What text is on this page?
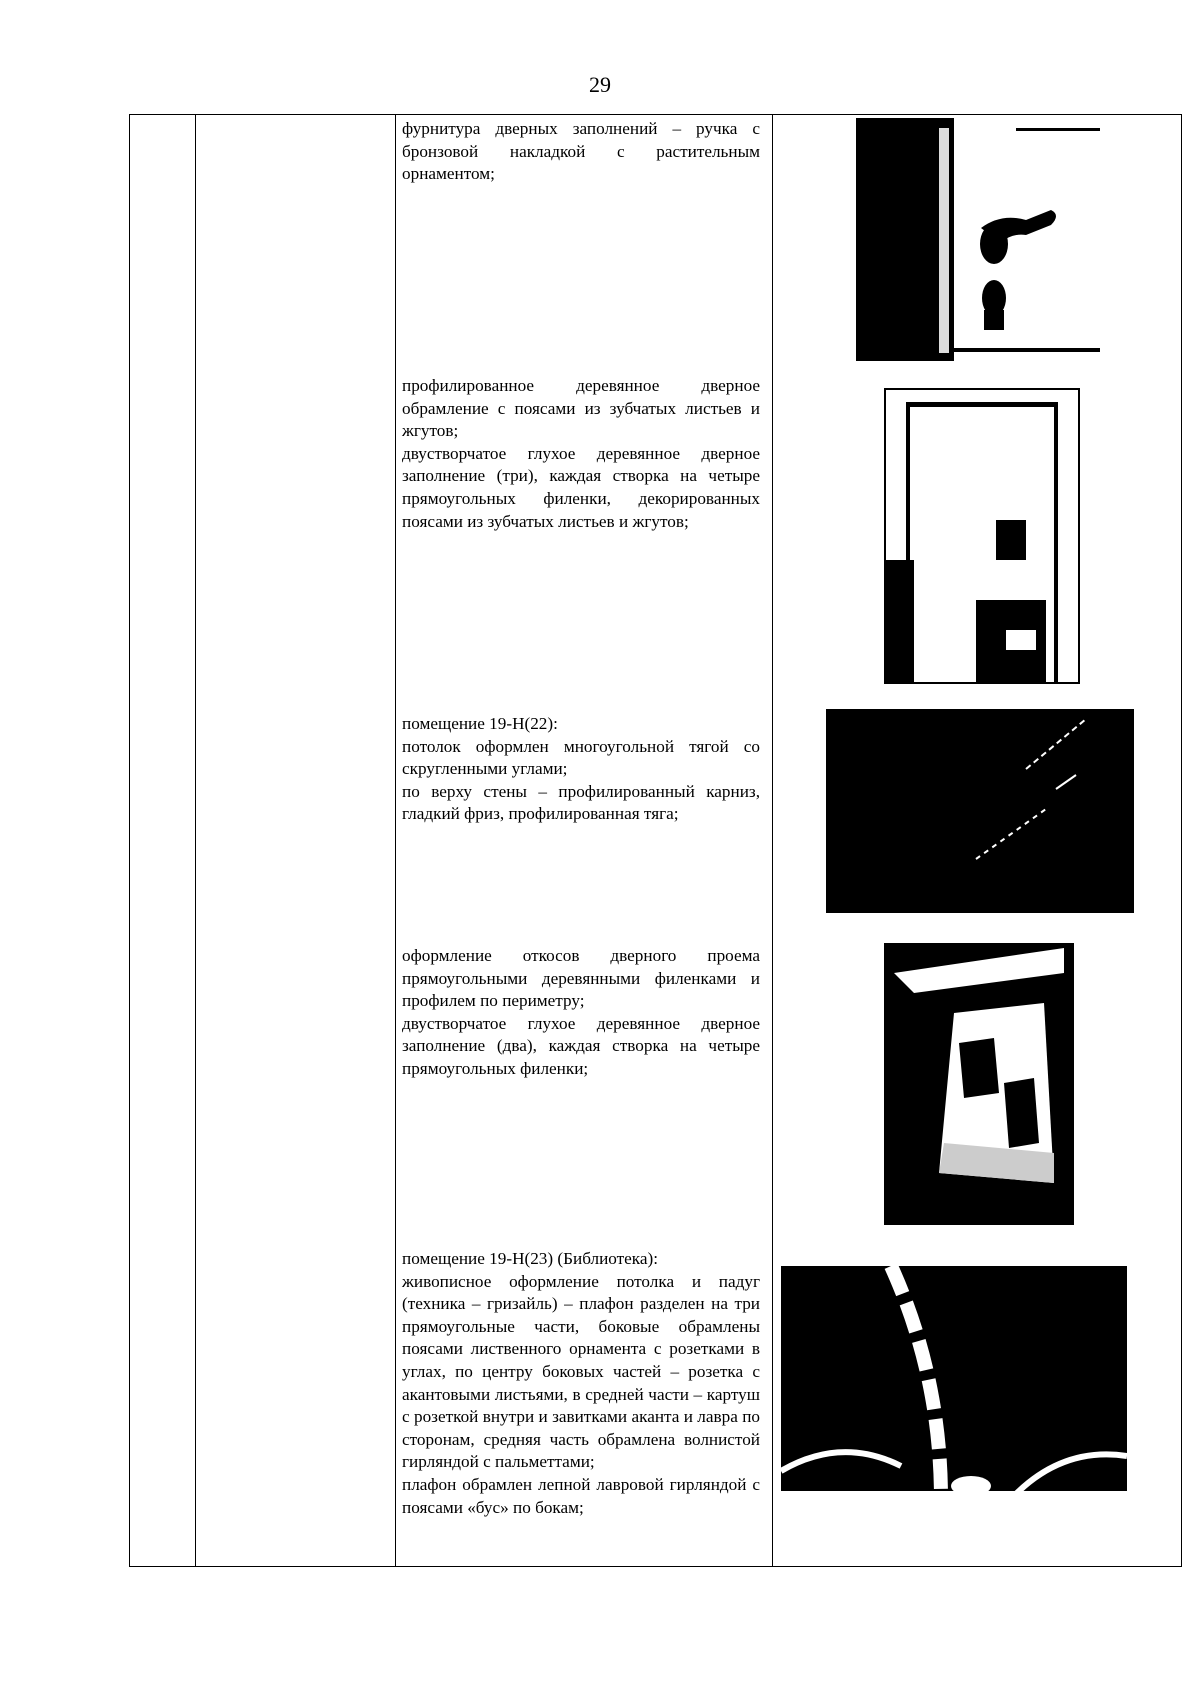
29
фурнитура дверных заполнений – ручка с бронзовой накладкой с растительным орнаментом;
профилированное деревянное дверное обрамление с поясами из зубчатых листьев и жгутов;
двустворчатое глухое деревянное дверное заполнение (три), каждая створка на четыре прямоугольных филенки, декорированных поясами из зубчатых листьев и жгутов;
помещение 19-Н(22):
потолок оформлен многоугольной тягой со скругленными углами;
по верху стены – профилированный карниз, гладкий фриз, профилированная тяга;
оформление откосов дверного проема прямоугольными деревянными филенками и профилем по периметру;
двустворчатое глухое деревянное дверное заполнение (два), каждая створка на четыре прямоугольных филенки;
помещение 19-Н(23) (Библиотека):
живописное оформление потолка и падуг (техника – гризайль) – плафон разделен на три прямоугольные части, боковые обрамлены поясами лиственного орнамента с розетками в углах, по центру боковых частей – розетка с акантовыми листьями, в средней части – картуш с розеткой внутри и завитками аканта и лавра по сторонам, средняя часть обрамлена волнистой гирляндой с пальметтами;
плафон обрамлен лепной лавровой гирляндой с поясами «бус» по бокам;
